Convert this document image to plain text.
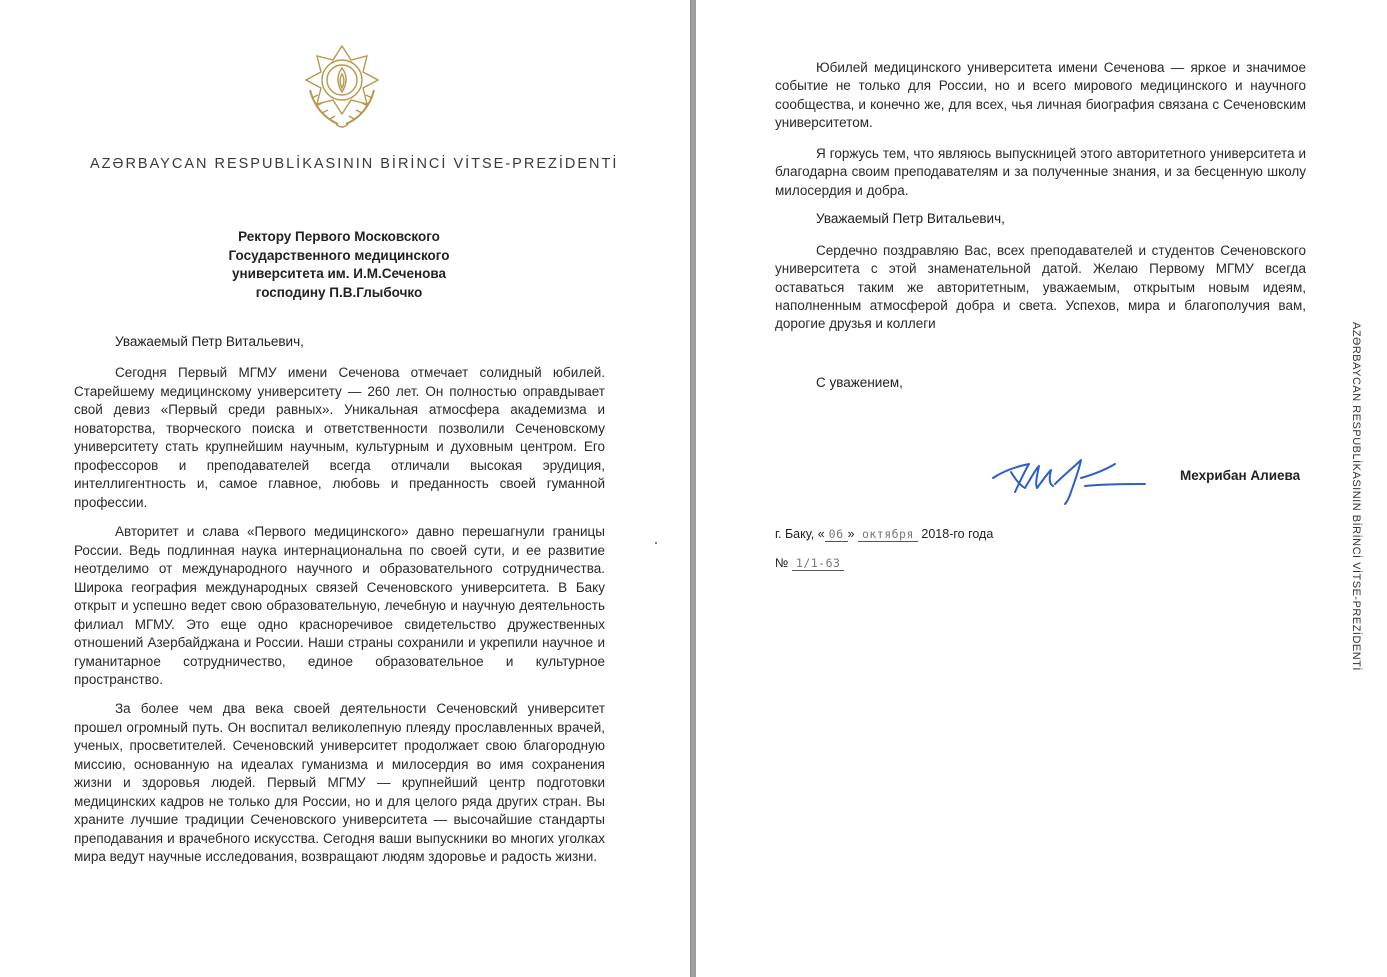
AZƏRBAYCAN RESPUBLİKASININ BİRİNCİ VİTSE-PREZİDENTİ
Ректору Первого Московского
Государственного медицинского
университета им. И.М.Сеченова
господину П.В.Глыбочко
Уважаемый Петр Витальевич,
Сегодня Первый МГМУ имени Сеченова отмечает солидный юбилей. Старейшему медицинскому университету — 260 лет. Он полностью оправдывает свой девиз «Первый среди равных». Уникальная атмосфера академизма и новаторства, творческого поиска и ответственности позволили Сеченовскому университету стать крупнейшим научным, культурным и духовным центром. Его профессоров и преподавателей всегда отличали высокая эрудиция, интеллигентность и, самое главное, любовь и преданность своей гуманной профессии.
Авторитет и слава «Первого медицинского» давно перешагнули границы России. Ведь подлинная наука интернациональна по своей сути, и ее развитие неотделимо от международного научного и образовательного сотрудничества. Широка география международных связей Сеченовского университета. В Баку открыт и успешно ведет свою образовательную, лечебную и научную деятельность филиал МГМУ. Это еще одно красноречивое свидетельство дружественных отношений Азербайджана и России. Наши страны сохранили и укрепили научное и гуманитарное сотрудничество, единое образовательное и культурное пространство.
За более чем два века своей деятельности Сеченовский университет прошел огромный путь. Он воспитал великолепную плеяду прославленных врачей, ученых, просветителей. Сеченовский университет продолжает свою благородную миссию, основанную на идеалах гуманизма и милосердия во имя сохранения жизни и здоровья людей. Первый МГМУ — крупнейший центр подготовки медицинских кадров не только для России, но и для целого ряда других стран. Вы храните лучшие традиции Сеченовского университета — высочайшие стандарты преподавания и врачебного искусства. Сегодня ваши выпускники во многих уголках мира ведут научные исследования, возвращают людям здоровье и радость жизни.
Юбилей медицинского университета имени Сеченова — яркое и значимое событие не только для России, но и всего мирового медицинского и научного сообщества, и конечно же, для всех, чья личная биография связана с Сеченовским университетом.
Я горжусь тем, что являюсь выпускницей этого авторитетного университета и благодарна своим преподавателям и за полученные знания, и за бесценную школу милосердия и добра.
Уважаемый Петр Витальевич,
Сердечно поздравляю Вас, всех преподавателей и студентов Сеченовского университета с этой знаменательной датой. Желаю Первому МГМУ всегда оставаться таким же авторитетным, уважаемым, открытым новым идеям, наполненным атмосферой добра и света. Успехов, мира и благополучия вам, дорогие друзья и коллеги
С уважением,
Мехрибан Алиева
г. Баку, « 06 » октября 2018-го года
№ 1/1-63	AZƏRBAYCAN RESPUBLİKASININ BİRİNCİ VİTSE-PREZİDENTİ
